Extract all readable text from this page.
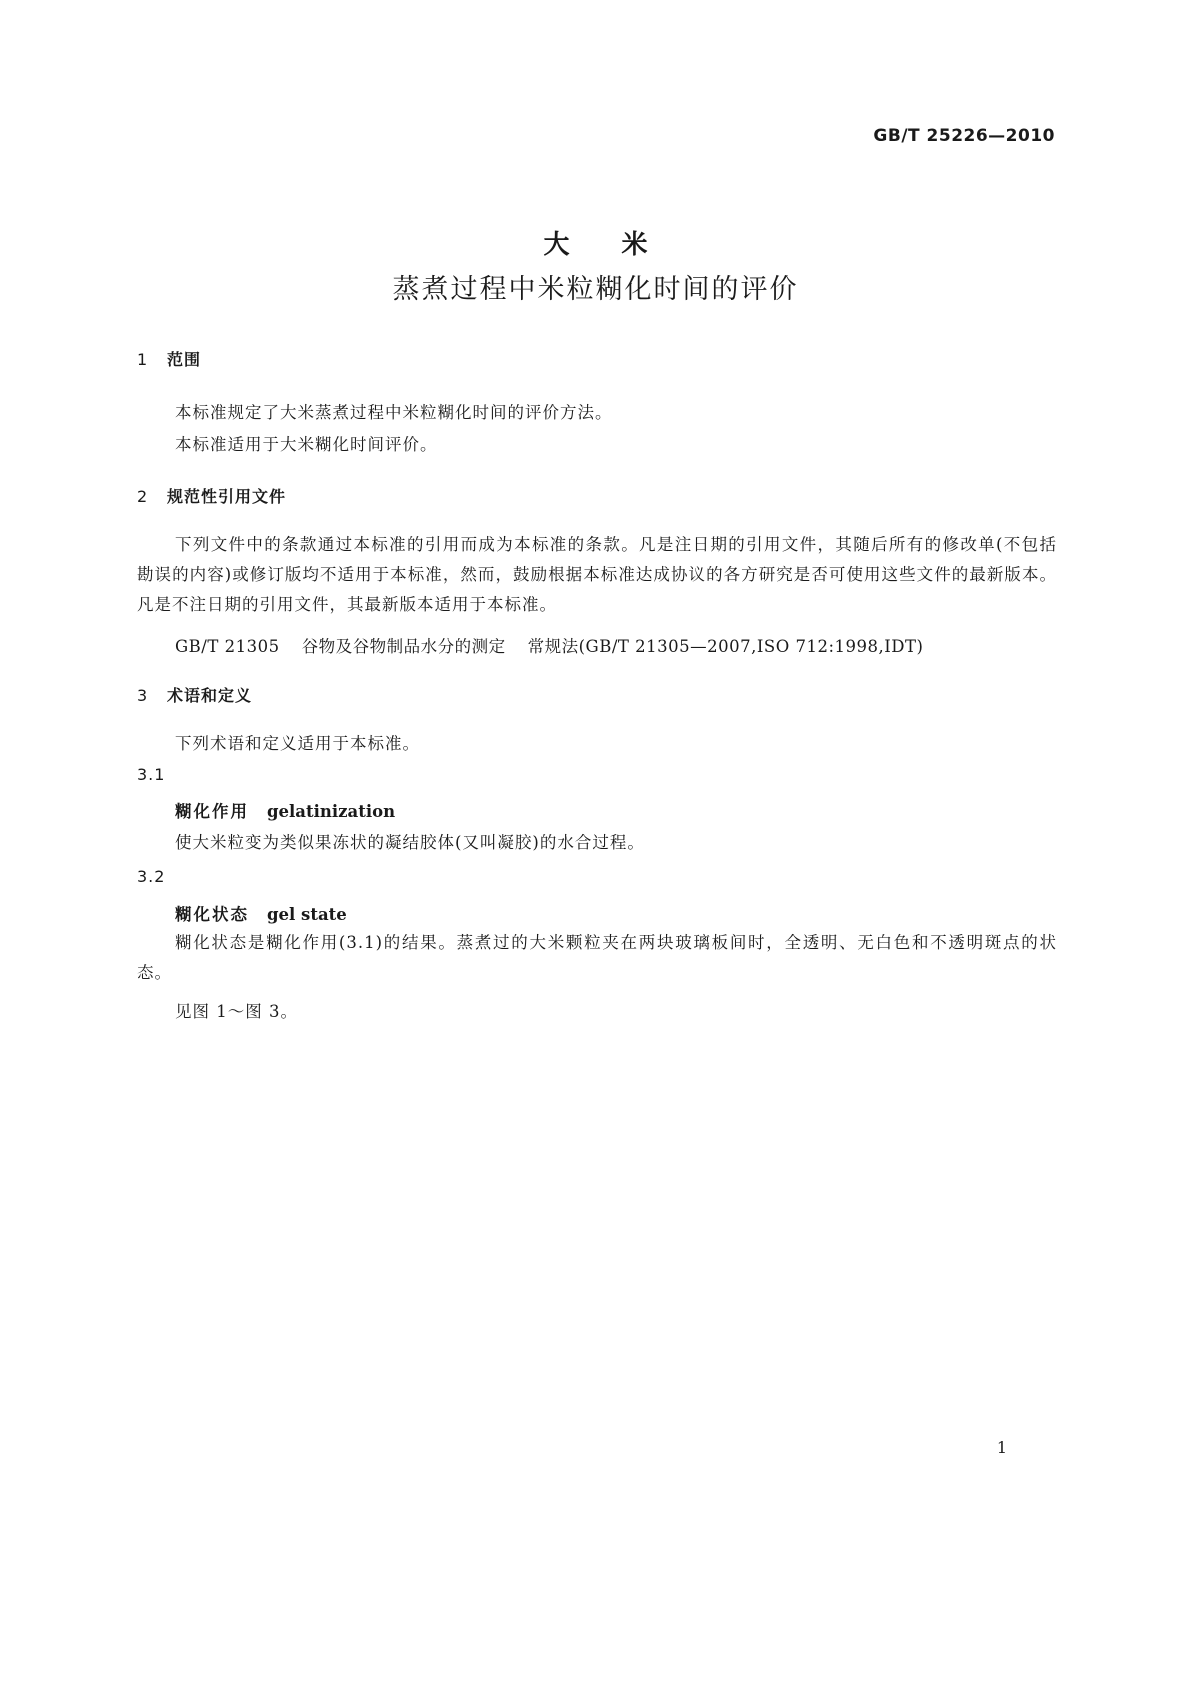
GB/T 25226—2010
大米
蒸煮过程中米粒糊化时间的评价
1 范围
本标准规定了大米蒸煮过程中米粒糊化时间的评价方法。
本标准适用于大米糊化时间评价。
2 规范性引用文件
下列文件中的条款通过本标准的引用而成为本标准的条款。凡是注日期的引用文件，其随后所有的修改单(不包括勘误的内容)或修订版均不适用于本标准，然而，鼓励根据本标准达成协议的各方研究是否可使用这些文件的最新版本。凡是不注日期的引用文件，其最新版本适用于本标准。
GB/T 21305 谷物及谷物制品水分的测定 常规法(GB/T 21305—2007,ISO 712:1998,IDT)
3 术语和定义
下列术语和定义适用于本标准。
3.1
糊化作用 gelatinization
使大米粒变为类似果冻状的凝结胶体(又叫凝胶)的水合过程。
3.2
糊化状态 gel state
糊化状态是糊化作用(3.1)的结果。蒸煮过的大米颗粒夹在两块玻璃板间时，全透明、无白色和不透明斑点的状态。
见图 1～图 3。
1
